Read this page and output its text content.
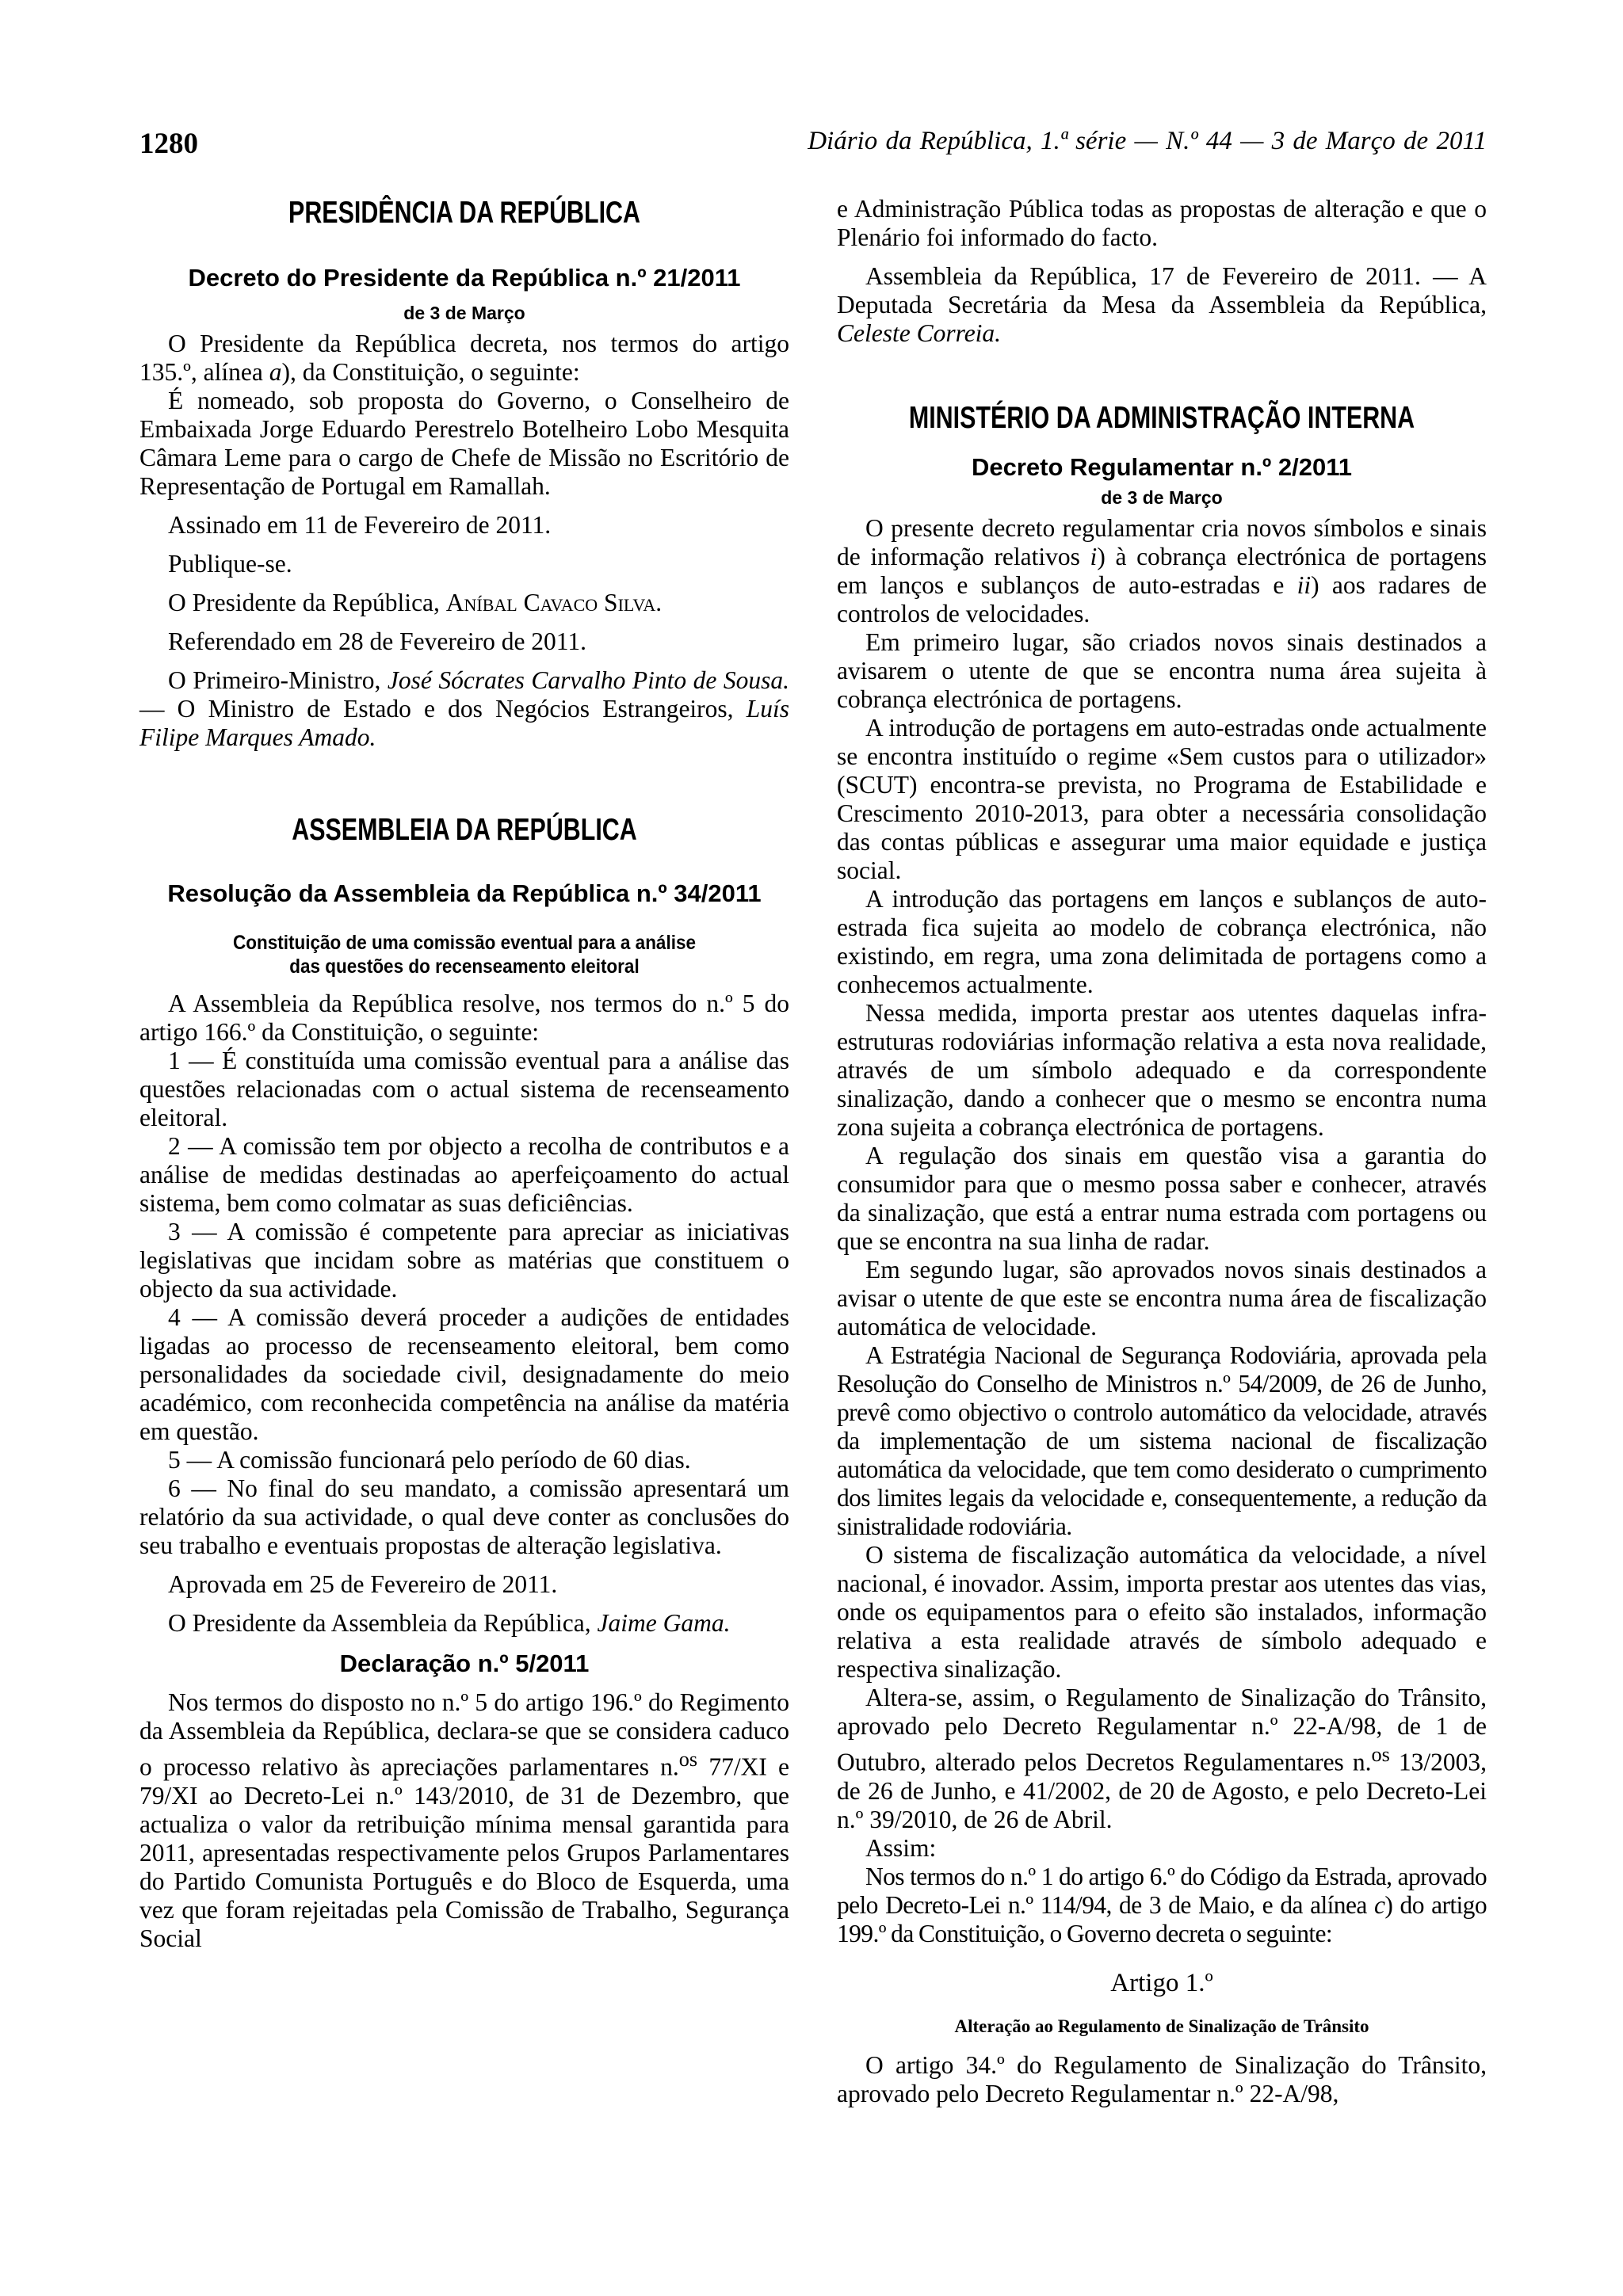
1280	Diário da República, 1.ª série — N.º 44 — 3 de Março de 2011
PRESIDÊNCIA DA REPÚBLICA
Decreto do Presidente da República n.º 21/2011
de 3 de Março

O Presidente da República decreta, nos termos do artigo 135.º, alínea a), da Constituição, o seguinte:

É nomeado, sob proposta do Governo, o Conselheiro de Embaixada Jorge Eduardo Perestrelo Botelheiro Lobo Mesquita Câmara Leme para o cargo de Chefe de Missão no Escritório de Representação de Portugal em Ramallah.

Assinado em 11 de Fevereiro de 2011.

Publique-se.

O Presidente da República, Aníbal Cavaco Silva.

Referendado em 28 de Fevereiro de 2011.

O Primeiro-Ministro, José Sócrates Carvalho Pinto de Sousa. — O Ministro de Estado e dos Negócios Estrangeiros, Luís Filipe Marques Amado.

ASSEMBLEIA DA REPÚBLICA
Resolução da Assembleia da República n.º 34/2011
Constituição de uma comissão eventual para a análise
das questões do recenseamento eleitoral

A Assembleia da República resolve, nos termos do n.º 5 do artigo 166.º da Constituição, o seguinte:

1 — É constituída uma comissão eventual para a análise das questões relacionadas com o actual sistema de recenseamento eleitoral.

2 — A comissão tem por objecto a recolha de contributos e a análise de medidas destinadas ao aperfeiçoamento do actual sistema, bem como colmatar as suas deficiências.

3 — A comissão é competente para apreciar as iniciativas legislativas que incidam sobre as matérias que constituem o objecto da sua actividade.

4 — A comissão deverá proceder a audições de entidades ligadas ao processo de recenseamento eleitoral, bem como personalidades da sociedade civil, designadamente do meio académico, com reconhecida competência na análise da matéria em questão.

5 — A comissão funcionará pelo período de 60 dias.

6 — No final do seu mandato, a comissão apresentará um relatório da sua actividade, o qual deve conter as conclusões do seu trabalho e eventuais propostas de alteração legislativa.

Aprovada em 25 de Fevereiro de 2011.

O Presidente da Assembleia da República, Jaime Gama.

Declaração n.º 5/2011

Nos termos do disposto no n.º 5 do artigo 196.º do Regimento da Assembleia da República, declara-se que se considera caduco o processo relativo às apreciações parlamentares n.$^{os}$ 77/XI e 79/XI ao Decreto-Lei n.º 143/2010, de 31 de Dezembro, que actualiza o valor da retribuição mínima mensal garantida para 2011, apresentadas respectivamente pelos Grupos Parlamentares do Partido Comunista Português e do Bloco de Esquerda, uma vez que foram rejeitadas pela Comissão de Trabalho, Segurança Social

e Administração Pública todas as propostas de alteração e que o Plenário foi informado do facto.

Assembleia da República, 17 de Fevereiro de 2011. — A Deputada Secretária da Mesa da Assembleia da República, Celeste Correia.

MINISTÉRIO DA ADMINISTRAÇÃO INTERNA
Decreto Regulamentar n.º 2/2011
de 3 de Março

O presente decreto regulamentar cria novos símbolos e sinais de informação relativos i) à cobrança electrónica de portagens em lanços e sublanços de auto-estradas e ii) aos radares de controlos de velocidades.

Em primeiro lugar, são criados novos sinais destinados a avisarem o utente de que se encontra numa área sujeita à cobrança electrónica de portagens.

A introdução de portagens em auto-estradas onde actualmente se encontra instituído o regime «Sem custos para o utilizador» (SCUT) encontra-se prevista, no Programa de Estabilidade e Crescimento 2010-2013, para obter a necessária consolidação das contas públicas e assegurar uma maior equidade e justiça social.

A introdução das portagens em lanços e sublanços de auto-estrada fica sujeita ao modelo de cobrança electrónica, não existindo, em regra, uma zona delimitada de portagens como a conhecemos actualmente.

Nessa medida, importa prestar aos utentes daquelas infra-estruturas rodoviárias informação relativa a esta nova realidade, através de um símbolo adequado e da correspondente sinalização, dando a conhecer que o mesmo se encontra numa zona sujeita a cobrança electrónica de portagens.

A regulação dos sinais em questão visa a garantia do consumidor para que o mesmo possa saber e conhecer, através da sinalização, que está a entrar numa estrada com portagens ou que se encontra na sua linha de radar.

Em segundo lugar, são aprovados novos sinais destinados a avisar o utente de que este se encontra numa área de fiscalização automática de velocidade.

A Estratégia Nacional de Segurança Rodoviária, aprovada pela Resolução do Conselho de Ministros n.º 54/2009, de 26 de Junho, prevê como objectivo o controlo automático da velocidade, através da implementação de um sistema nacional de fiscalização automática da velocidade, que tem como desiderato o cumprimento dos limites legais da velocidade e, consequentemente, a redução da sinistralidade rodoviária.

O sistema de fiscalização automática da velocidade, a nível nacional, é inovador. Assim, importa prestar aos utentes das vias, onde os equipamentos para o efeito são instalados, informação relativa a esta realidade através de símbolo adequado e respectiva sinalização.

Altera-se, assim, o Regulamento de Sinalização do Trânsito, aprovado pelo Decreto Regulamentar n.º 22-A/98, de 1 de Outubro, alterado pelos Decretos Regulamentares n.$^{os}$ 13/2003, de 26 de Junho, e 41/2002, de 20 de Agosto, e pelo Decreto-Lei n.º 39/2010, de 26 de Abril.

Assim:

Nos termos do n.º 1 do artigo 6.º do Código da Estrada, aprovado pelo Decreto-Lei n.º 114/94, de 3 de Maio, e da alínea c) do artigo 199.º da Constituição, o Governo decreta o seguinte:

Artigo 1.º
Alteração ao Regulamento de Sinalização de Trânsito

O artigo 34.º do Regulamento de Sinalização do Trânsito, aprovado pelo Decreto Regulamentar n.º 22-A/98,
